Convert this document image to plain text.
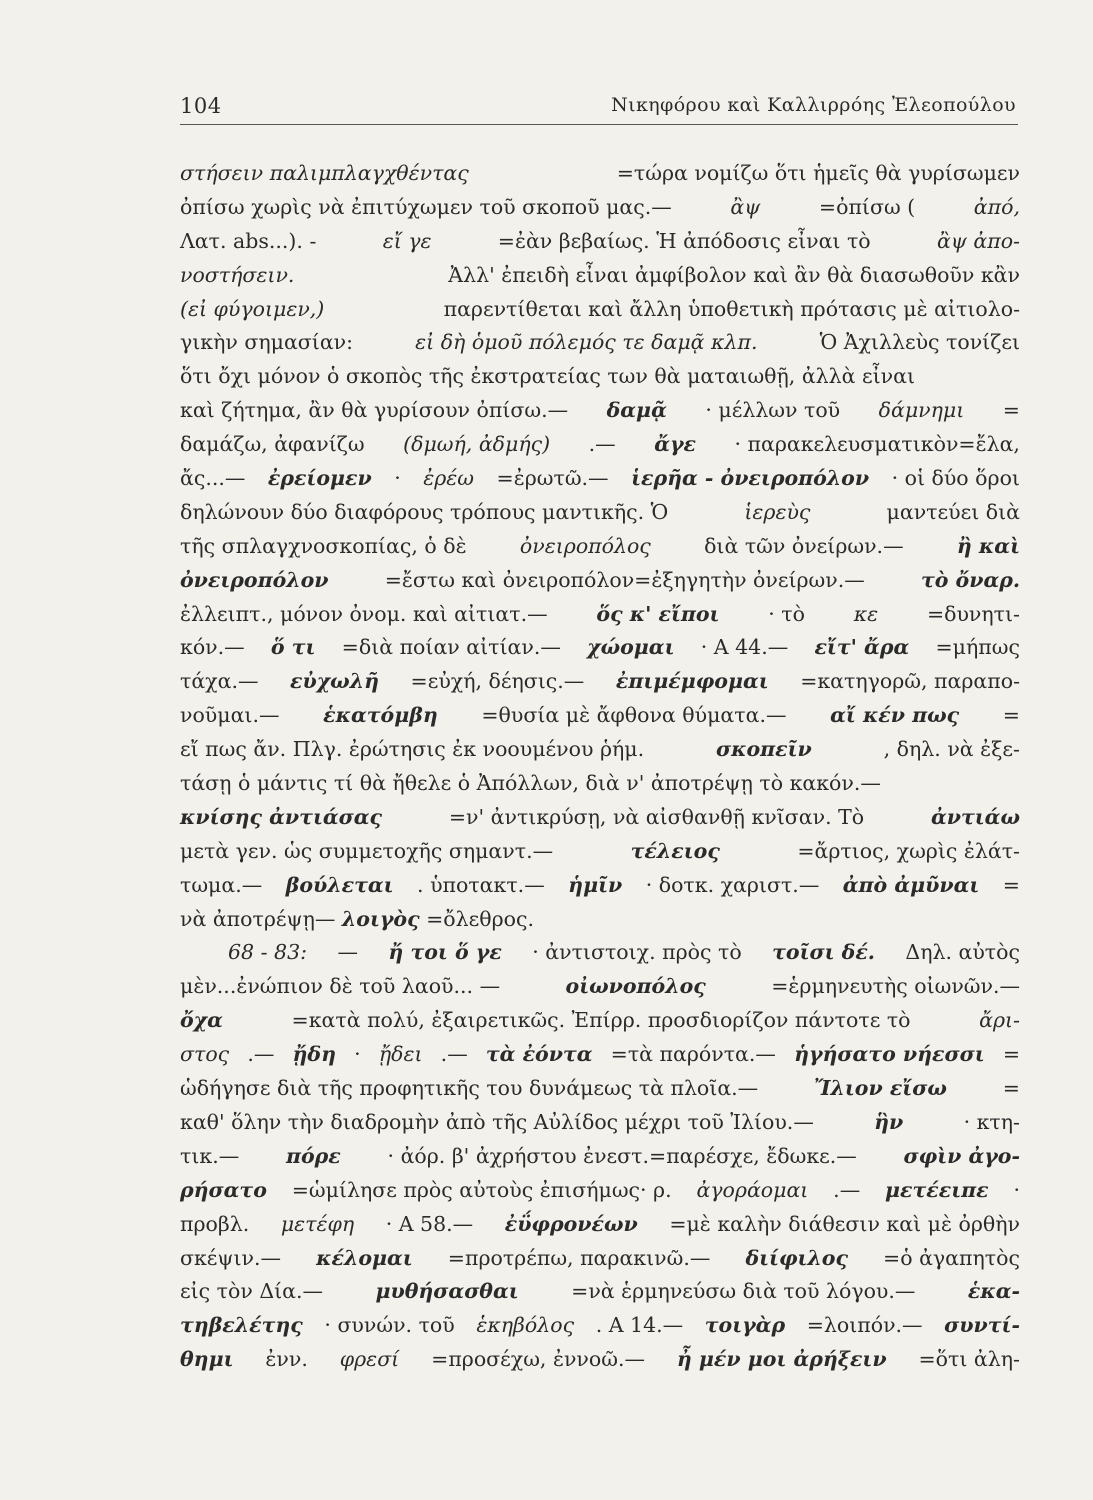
104	Νικηφόρου καὶ Καλλιρρόης Ἐλεοπούλου
στήσειν παλιμπλαγχθέντας	=τώρα νομίζω ὅτι ἡμεῖς θὰ γυρίσωμεν
ὀπίσω χωρὶς νὰ ἐπιτύχωμεν τοῦ σκοποῦ μας.—	ἂψ	=ὀπίσω (	ἀπό,
Λατ. abs...). -	εἴ γε	=ἐὰν βεβαίως. Ἡ ἀπόδοσις εἶναι τὸ	ἂψ ἀπο-
νοστήσειν.	Ἀλλ' ἐπειδὴ εἶναι ἀμφίβολον καὶ ἂν θὰ διασωθοῦν κἂν
(εἰ φύγοιμεν,)	παρεντίθεται καὶ ἄλλη ὑποθετικὴ πρότασις μὲ αἰτιολο-
γικὴν σημασίαν:	εἰ δὴ ὁμοῦ πόλεμός τε δαμᾷ κλπ.	Ὁ Ἀχιλλεὺς τονίζει
ὅτι ὄχι μόνον ὁ σκοπὸς τῆς ἐκστρατείας των θὰ ματαιωθῇ, ἀλλὰ εἶναι
καὶ ζήτημα, ἂν θὰ γυρίσουν ὀπίσω.— δαμᾷ · μέλλων τοῦ δάμνημι =
δαμάζω, ἀφανίζω (δμωή, ἀδμής) .— ἄγε · παρακελευσματικὸν=ἔλα,
ἄς...— ἐρείομεν · ἐρέω =ἐρωτῶ.— ἱερῆα - ὀνειροπόλον · οἱ δύο ὅροι
δηλώνουν δύο διαφόρους τρόπους μαντικῆς. Ὁ	ἱερεὺς	μαντεύει διὰ
τῆς σπλαγχνοσκοπίας, ὁ δὲ	ὀνειροπόλος	διὰ τῶν ὀνείρων.—	ἢ καὶ
ὀνειροπόλον	=ἔστω καὶ ὀνειροπόλον=ἐξηγητὴν ὀνείρων.—	τὸ ὄναρ.
ἐλλειπτ., μόνον ὀνομ. καὶ αἰτιατ.— ὅς κ' εἴποι · τὸ κε =δυνητι-
κόν.— ὅ τι =διὰ ποίαν αἰτίαν.— χώομαι · Α 44.— εἴτ' ἄρα =μήπως
τάχα.— εὐχωλῆ =εὐχή, δέησις.— ἐπιμέμφομαι =κατηγορῶ, παραπο-
νοῦμαι.— ἑκατόμβη =θυσία μὲ ἄφθονα θύματα.— αἴ κέν πως =
εἴ πως ἄν. Πλγ. ἐρώτησις ἐκ νοουμένου ῥήμ.	σκοπεῖν	, δηλ. νὰ ἐξε-
τάσῃ ὁ μάντις τί θὰ ἤθελε ὁ Ἀπόλλων, διὰ ν' ἀποτρέψῃ τὸ κακόν.—
κνίσης ἀντιάσας	=ν' ἀντικρύσῃ, νὰ αἰσθανθῇ κνῖσαν. Τὸ	ἀντιάω
μετὰ γεν. ὡς συμμετοχῆς σημαντ.—	τέλειος	=ἄρτιος, χωρὶς ἐλάτ-
τωμα.— βούλεται . ὑποτακτ.— ἡμῖν · δοτκ. χαριστ.— ἀπὸ ἀμῦναι =
νὰ ἀποτρέψῃ— λοιγὸς =ὄλεθρος.
68 - 83: — ἤ τοι ὅ γε · ἀντιστοιχ. πρὸς τὸ τοῖσι δέ. Δηλ. αὐτὸς
μὲν...ἐνώπιον δὲ τοῦ λαοῦ... —	οἰωνοπόλος	=ἑρμηνευτὴς οἰωνῶν.—
ὄχα	=κατὰ πολύ, ἐξαιρετικῶς. Ἐπίρρ. προσδιορίζον πάντοτε τὸ	ἄρι-
στος .— ᾔδη · ᾔδει .— τὰ ἐόντα =τὰ παρόντα.— ἡγήσατο νήεσσι =
ὡδήγησε διὰ τῆς προφητικῆς του δυνάμεως τὰ πλοῖα.—	Ἴλιον εἴσω	=
καθ' ὅλην τὴν διαδρομὴν ἀπὸ τῆς Αὐλίδος μέχρι τοῦ Ἰλίου.—	ἣν	· κτη-
τικ.— πόρε · ἀόρ. β' ἀχρήστου ἐνεστ.=παρέσχε, ἔδωκε.— σφὶν ἀγο-
ρήσατο =ὡμίλησε πρὸς αὐτοὺς ἐπισήμως· ρ. ἀγοράομαι .— μετέειπε ·
προβλ. μετέφη · Α 58.— ἐΰφρονέων =μὲ καλὴν διάθεσιν καὶ μὲ ὀρθὴν
σκέψιν.— κέλομαι =προτρέπω, παρακινῶ.— διίφιλος =ὁ ἀγαπητὸς
εἰς τὸν Δία.—	μυθήσασθαι	=νὰ ἑρμηνεύσω διὰ τοῦ λόγου.—	ἑκα-
τηβελέτης · συνών. τοῦ ἑκηβόλος . Α 14.— τοιγὰρ =λοιπόν.— συντί-
θημι ἐνν. φρεσί =προσέχω, ἐννοῶ.— ἦ μέν μοι ἀρήξειν =ὅτι ἀλη-
